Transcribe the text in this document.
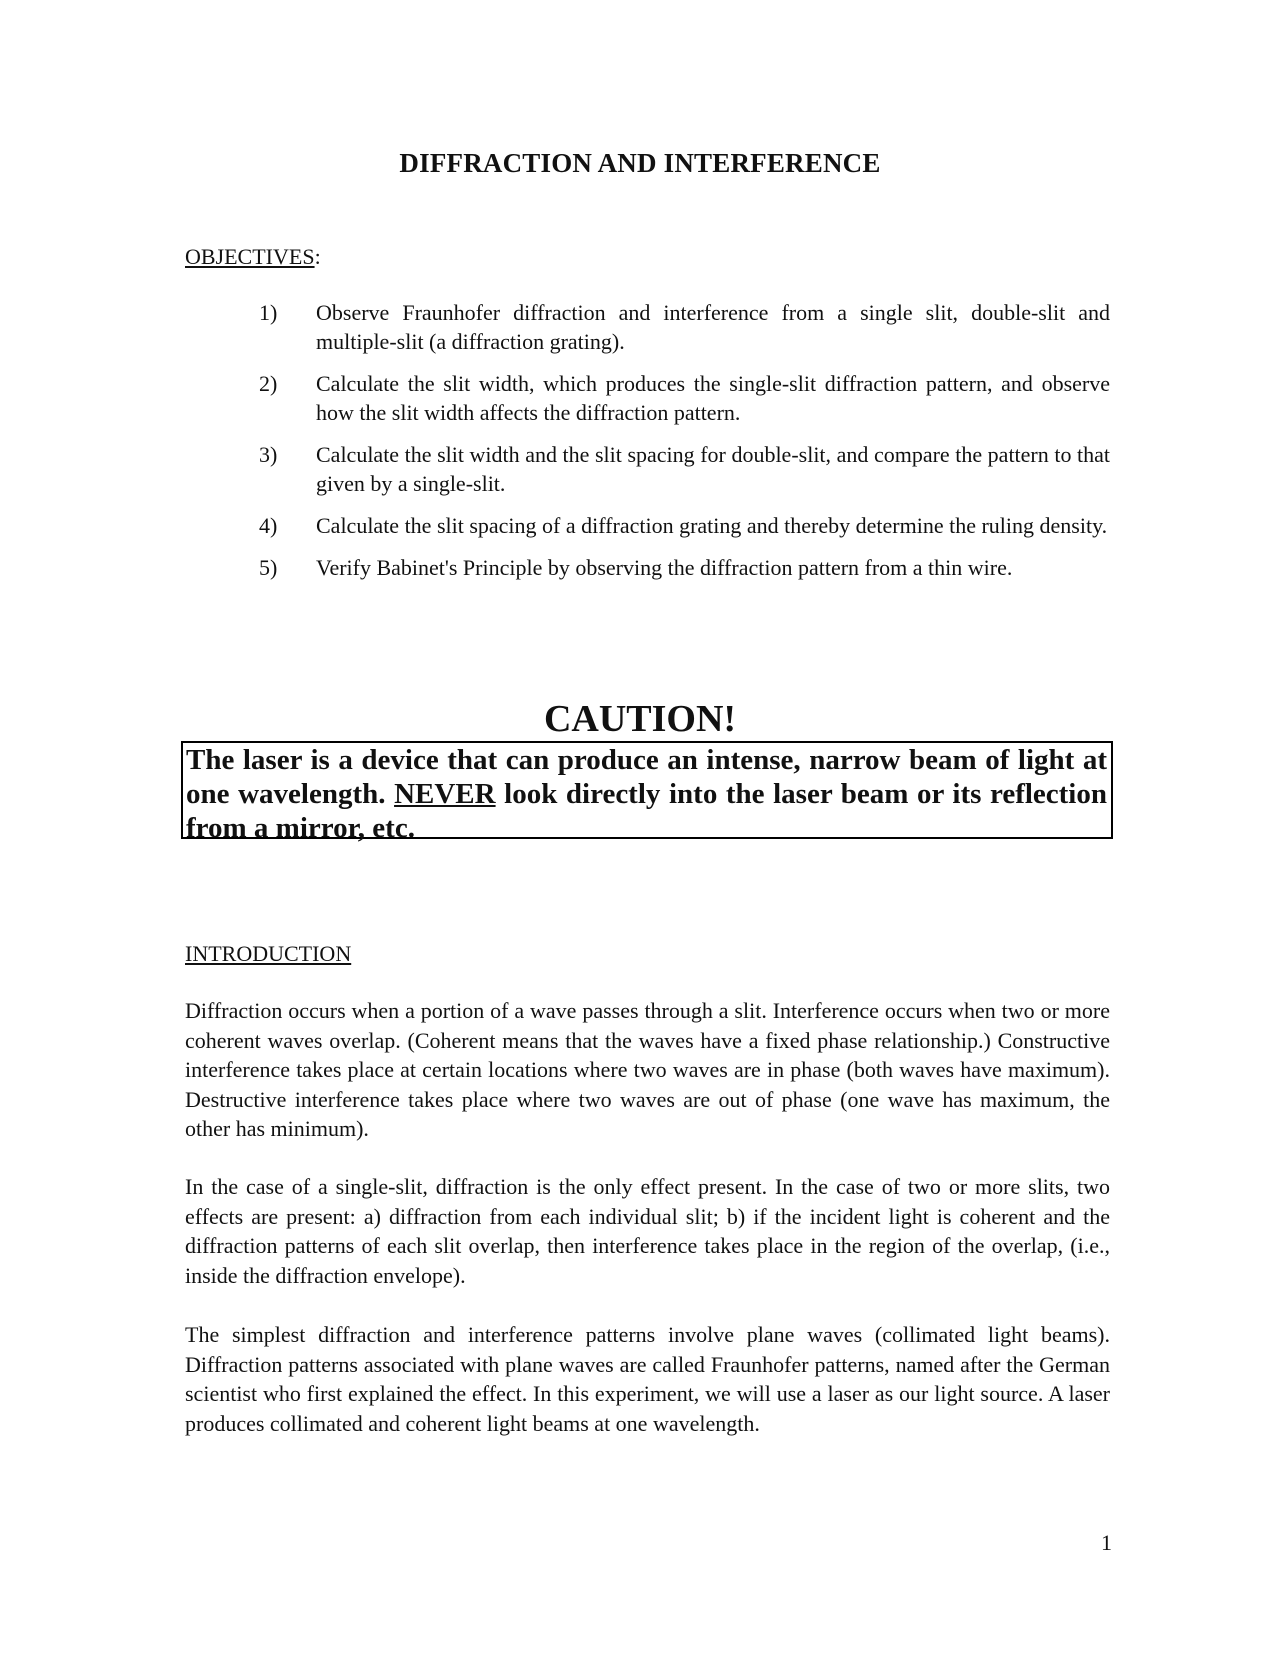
DIFFRACTION AND INTERFERENCE
OBJECTIVES:
1) Observe Fraunhofer diffraction and interference from a single slit, double-slit and multiple-slit (a diffraction grating).
2) Calculate the slit width, which produces the single-slit diffraction pattern, and observe how the slit width affects the diffraction pattern.
3) Calculate the slit width and the slit spacing for double-slit, and compare the pattern to that given by a single-slit.
4) Calculate the slit spacing of a diffraction grating and thereby determine the ruling density.
5) Verify Babinet's Principle by observing the diffraction pattern from a thin wire.
CAUTION!
The laser is a device that can produce an intense, narrow beam of light at one wavelength. NEVER look directly into the laser beam or its reflection from a mirror, etc.
INTRODUCTION

Diffraction occurs when a portion of a wave passes through a slit. Interference occurs when two or more coherent waves overlap. (Coherent means that the waves have a fixed phase relationship.) Constructive interference takes place at certain locations where two waves are in phase (both waves have maximum). Destructive interference takes place where two waves are out of phase (one wave has maximum, the other has minimum).

In the case of a single-slit, diffraction is the only effect present. In the case of two or more slits, two effects are present: a) diffraction from each individual slit; b) if the incident light is coherent and the diffraction patterns of each slit overlap, then interference takes place in the region of the overlap, (i.e., inside the diffraction envelope).

The simplest diffraction and interference patterns involve plane waves (collimated light beams). Diffraction patterns associated with plane waves are called Fraunhofer patterns, named after the German scientist who first explained the effect. In this experiment, we will use a laser as our light source. A laser produces collimated and coherent light beams at one wavelength.

1
